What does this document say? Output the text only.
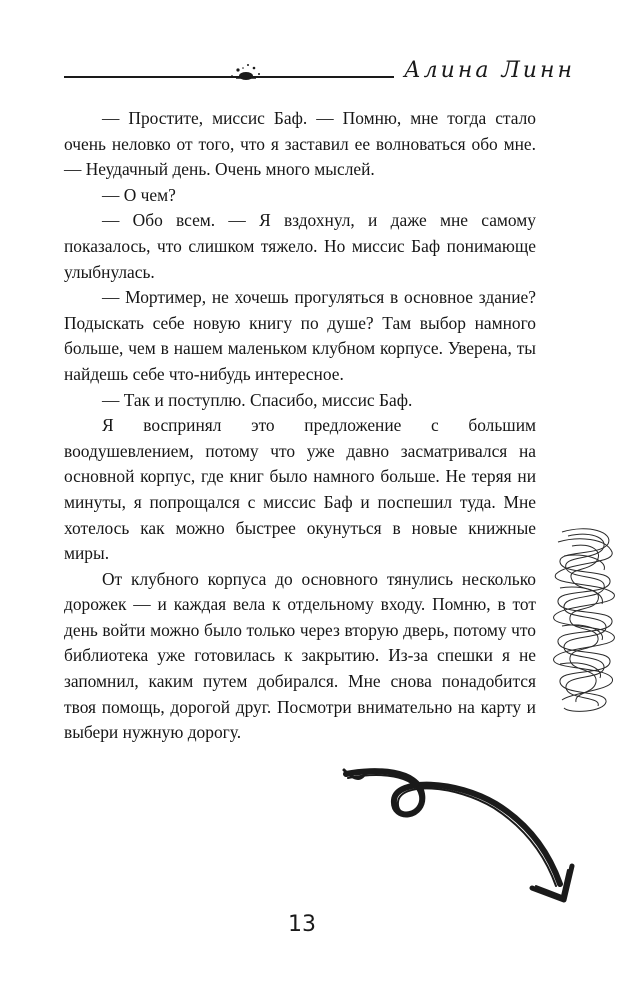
Алина Линн

— Простите, миссис Баф. — Помню, мне тогда стало очень неловко от того, что я заставил ее волноваться обо мне. — Неудачный день. Очень много мыслей.

— О чем?

— Обо всем. — Я вздохнул, и даже мне самому показалось, что слишком тяжело. Но миссис Баф понимающе улыбнулась.

— Мортимер, не хочешь прогуляться в основное здание? Подыскать себе новую книгу по душе? Там выбор намного больше, чем в нашем маленьком клубном корпусе. Уверена, ты найдешь себе что-нибудь интересное.

— Так и поступлю. Спасибо, миссис Баф.

Я воспринял это предложение с большим воодушевлением, потому что уже давно засматривался на основной корпус, где книг было намного больше. Не теряя ни минуты, я попрощался с миссис Баф и поспешил туда. Мне хотелось как можно быстрее окунуться в новые книжные миры.

От клубного корпуса до основного тянулись несколько дорожек — и каждая вела к отдельному входу. Помню, в тот день войти можно было только через вторую дверь, потому что библиотека уже готовилась к закрытию. Из-за спешки я не запомнил, каким путем добирался. Мне снова понадобится твоя помощь, дорогой друг. Посмотри внимательно на карту и выбери нужную дорогу.

13
